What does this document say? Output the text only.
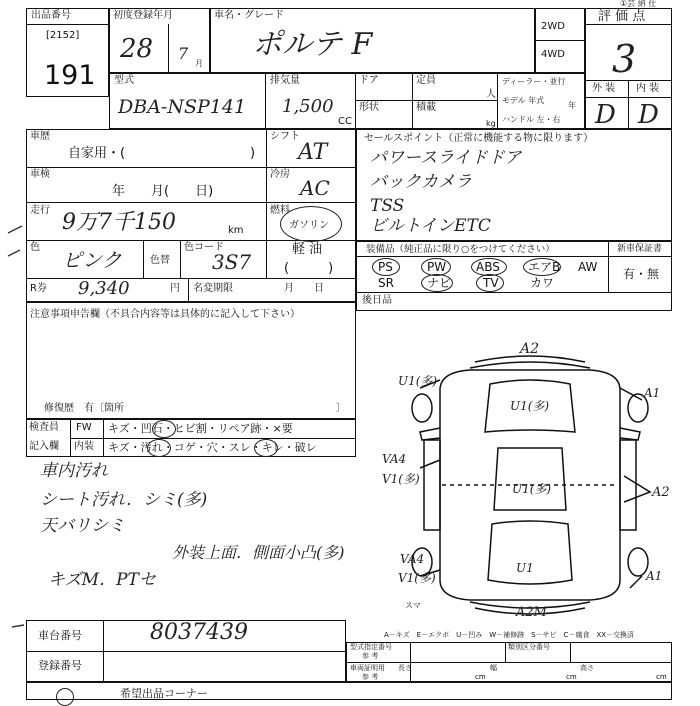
出品番号
[2152]
191
初度登録年月
28 7
月
車名・グレード
ポルテ F
2WD
4WD
①芸 納 仕
評 価 点
3
外 装 内 装
D D
型式
DBA-NSP141
排気量
1,500
CC
ドア	定員
人
形状	積載
kg
ディーラー・並行
モデル 年式
年
ハンドル 左・右
車歴
自家用・(	)
シフト
AT
車検
年　　月(　　日)
冷房
AC
走行 9万7千150	km
燃料
ガソリン
軽 油
色
ピンク	色替
色コード
3S7	(　　　)
R券 9,340	円 名変期限	月　　日
セールスポイント（正常に機能する物に限ります）
パワースライドドア
バックカメラ
TSS
ビルトインETC
装備品（純正品に限り○をつけてください）	新車保証書
有・無
PS	PW ABS エアB AW
SR	ナビ	TV	カワ
後日品
注意事項申告欄（不具合内容等は具体的に記入して下さい）
修復歴　有〔箇所	〕
検査員
記入欄
FW キズ・凹石・ヒビ割・リペア跡・×要
内装 キズ・汚れ・コゲ・穴・スレ・キレ・破レ
車内汚れ
シート汚れ．シミ(多)
天バリシミ
外装上面．側面小凸(多)
キズM．PTセ
A2
U1(多)
A1
U1(多)
VA4
V1(多)
U1(多)	A2
VA4
V1(多)
U1
A1
A2M
スマ
車台番号	8037439
登録番号
A－キズ　E－エクボ　U－凹み　W－補修跡　S－サビ　C－腐食　XX－交換済
型式指定番号
参 考
類別区分番号
車両証明用
参 考
長さ
cm
幅
cm
高さ
cm
希望出品コーナー
